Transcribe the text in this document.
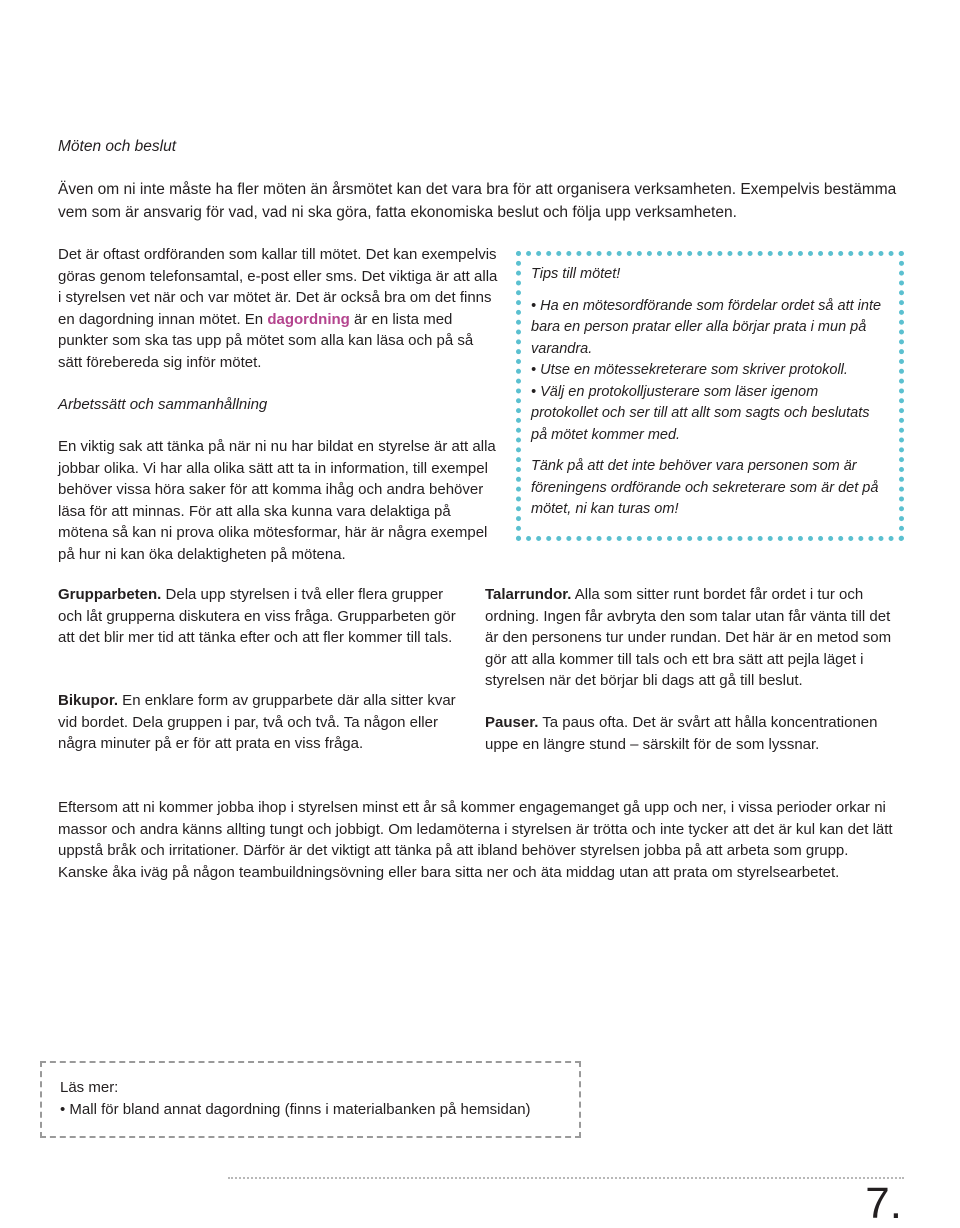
Möten och beslut
Även om ni inte måste ha fler möten än årsmötet kan det vara bra för att organisera verksamheten. Exempelvis bestämma vem som är ansvarig för vad, vad ni ska göra, fatta ekonomiska beslut och följa upp verksamheten.
Det är oftast ordföranden som kallar till mötet. Det kan exempelvis göras genom telefonsamtal, e-post eller sms. Det viktiga är att alla i styrelsen vet när och var mötet är. Det är också bra om det finns en dagordning innan mötet. En dagordning är en lista med punkter som ska tas upp på mötet som alla kan läsa och på så sätt förebereda sig inför mötet.
Arbetssätt och sammanhållning
En viktig sak att tänka på när ni nu har bildat en styrelse är att alla jobbar olika. Vi har alla olika sätt att ta in information, till exempel behöver vissa höra saker för att komma ihåg och andra behöver läsa för att minnas. För att alla ska kunna vara delaktiga på mötena så kan ni prova olika mötesformar, här är några exempel på hur ni kan öka delaktigheten på mötena.
Tips till mötet!
• Ha en mötesordförande som fördelar ordet så att inte bara en person pratar eller alla börjar prata i mun på varandra.
• Utse en mötessekreterare som skriver protokoll.
• Välj en protokolljusterare som läser igenom protokollet och ser till att allt som sagts och beslutats på mötet kommer med.
Tänk på att det inte behöver vara personen som är föreningens ordförande och sekreterare som är det på mötet, ni kan turas om!
Grupparbeten. Dela upp styrelsen i två eller flera grupper och låt grupperna diskutera en viss fråga. Grupparbeten gör att det blir mer tid att tänka efter och att fler kommer till tals.
Bikupor. En enklare form av grupparbete där alla sitter kvar vid bordet. Dela gruppen i par, två och två. Ta någon eller några minuter på er för att prata en viss fråga.
Talarrundor. Alla som sitter runt bordet får ordet i tur och ordning. Ingen får avbryta den som talar utan får vänta till det är den personens tur under rundan. Det här är en metod som gör att alla kommer till tals och ett bra sätt att pejla läget i styrelsen när det börjar bli dags att gå till beslut.
Pauser. Ta paus ofta. Det är svårt att hålla koncentrationen uppe en längre stund – särskilt för de som lyssnar.
Eftersom att ni kommer jobba ihop i styrelsen minst ett år så kommer engagemanget gå upp och ner, i vissa perioder orkar ni massor och andra känns allting tungt och jobbigt. Om ledamöterna i styrelsen är trötta och inte tycker att det är kul kan det lätt uppstå bråk och irritationer. Därför är det viktigt att tänka på att ibland behöver styrelsen jobba på att arbeta som grupp. Kanske åka iväg på någon teambuildningsövning eller bara sitta ner och äta middag utan att prata om styrelsearbetet.
Läs mer:
• Mall för bland annat dagordning (finns i materialbanken på hemsidan)
7.
